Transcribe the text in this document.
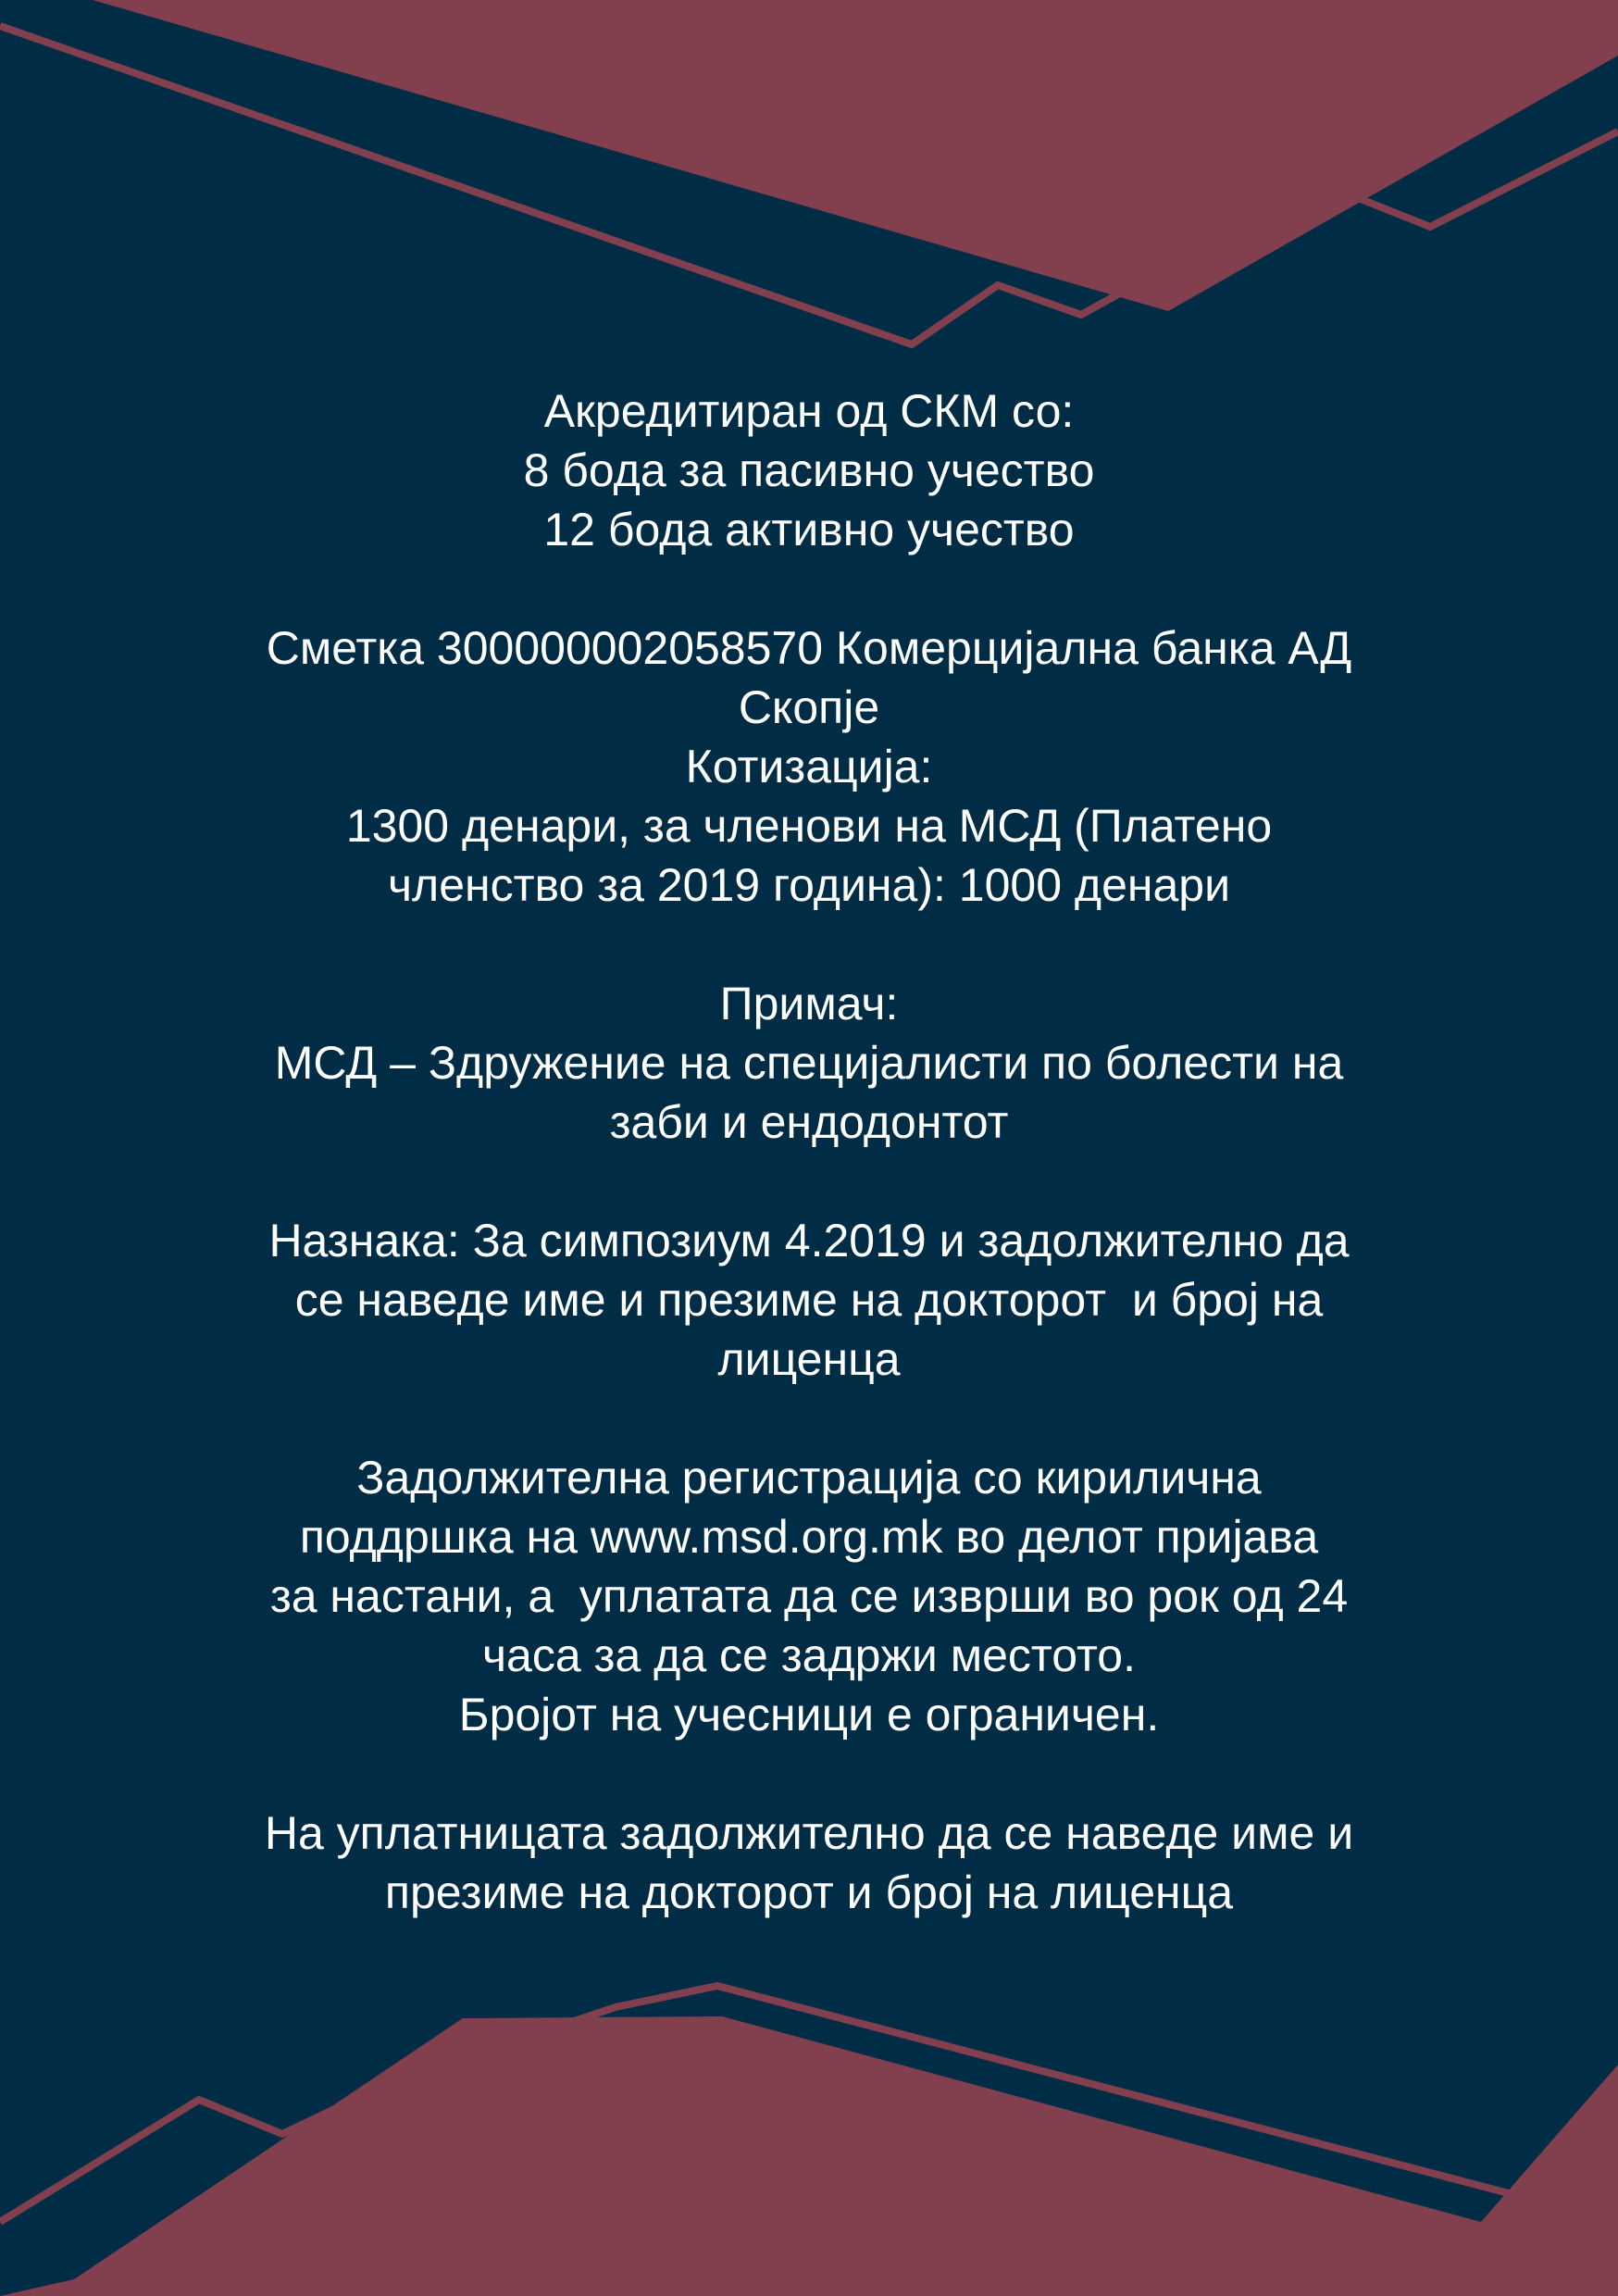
Акредитиран од СКМ со:
8 бода за пасивно учество
12 бода активно учество
Сметка 300000002058570 Комерцијална банка АД
Скопје
Котизација:
1300 денари, за членови на МСД (Платено
членство за 2019 година): 1000 денари
Примач:
МСД – Здружение на специјалисти по болести на
заби и ендодонтот
Назнака: За симпозиум 4.2019 и задолжително да
се наведе име и презиме на докторот  и број на
лиценца
Задолжителна регистрација со кирилична
поддршка на www.msd.org.mk во делот пријава
за настани, а  уплатата да се изврши во рок од 24
часа за да се задржи местото.
Бројот на учесници е ограничен.
На уплатницата задолжително да се наведе име и
презиме на докторот и број на лиценца
